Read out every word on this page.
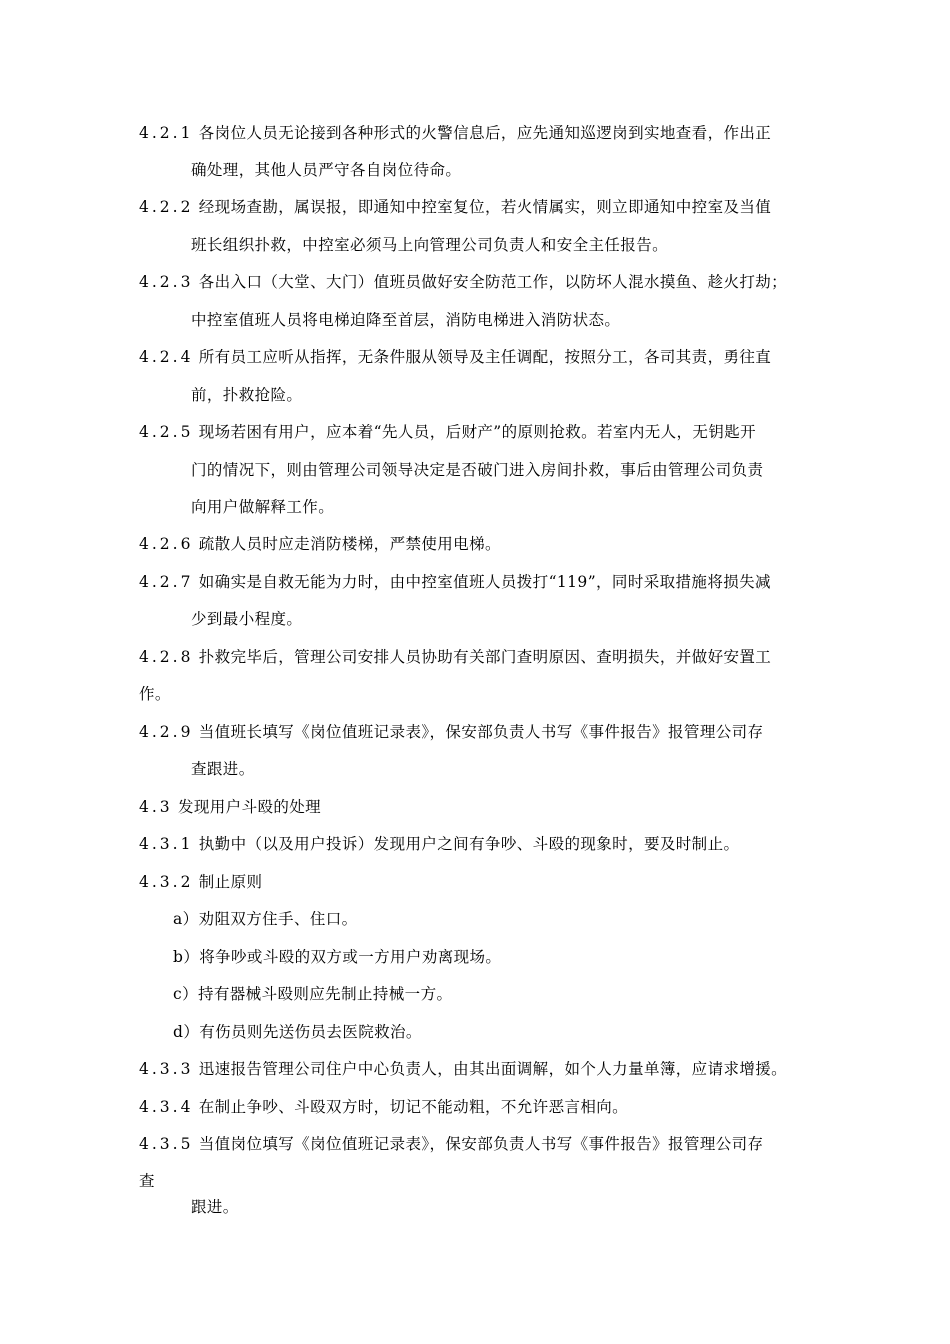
4.2.1 各岗位人员无论接到各种形式的火警信息后，应先通知巡逻岗到实地查看，作出正
确处理，其他人员严守各自岗位待命。
4.2.2 经现场查勘，属误报，即通知中控室复位，若火情属实，则立即通知中控室及当值
班长组织扑救，中控室必须马上向管理公司负责人和安全主任报告。
4.2.3 各出入口（大堂、大门）值班员做好安全防范工作，以防坏人混水摸鱼、趁火打劫；
中控室值班人员将电梯迫降至首层，消防电梯进入消防状态。
4.2.4 所有员工应听从指挥，无条件服从领导及主任调配，按照分工，各司其责，勇往直
前，扑救抢险。
4.2.5 现场若困有用户，应本着“先人员，后财产”的原则抢救。若室内无人，无钥匙开
门的情况下，则由管理公司领导决定是否破门进入房间扑救，事后由管理公司负责
向用户做解释工作。
4.2.6 疏散人员时应走消防楼梯，严禁使用电梯。
4.2.7 如确实是自救无能为力时，由中控室值班人员拨打“119”，同时采取措施将损失减
少到最小程度。
4.2.8 扑救完毕后，管理公司安排人员协助有关部门查明原因、查明损失，并做好安置工
作。
4.2.9 当值班长填写《岗位值班记录表》，保安部负责人书写《事件报告》报管理公司存
查跟进。
4.3 发现用户斗殴的处理
4.3.1 执勤中（以及用户投诉）发现用户之间有争吵、斗殴的现象时，要及时制止。
4.3.2 制止原则
a）劝阻双方住手、住口。
b）将争吵或斗殴的双方或一方用户劝离现场。
c）持有器械斗殴则应先制止持械一方。
d）有伤员则先送伤员去医院救治。
4.3.3 迅速报告管理公司住户中心负责人，由其出面调解，如个人力量单簿，应请求增援。
4.3.4 在制止争吵、斗殴双方时，切记不能动粗，不允许恶言相向。
4.3.5 当值岗位填写《岗位值班记录表》，保安部负责人书写《事件报告》报管理公司存
查
跟进。
